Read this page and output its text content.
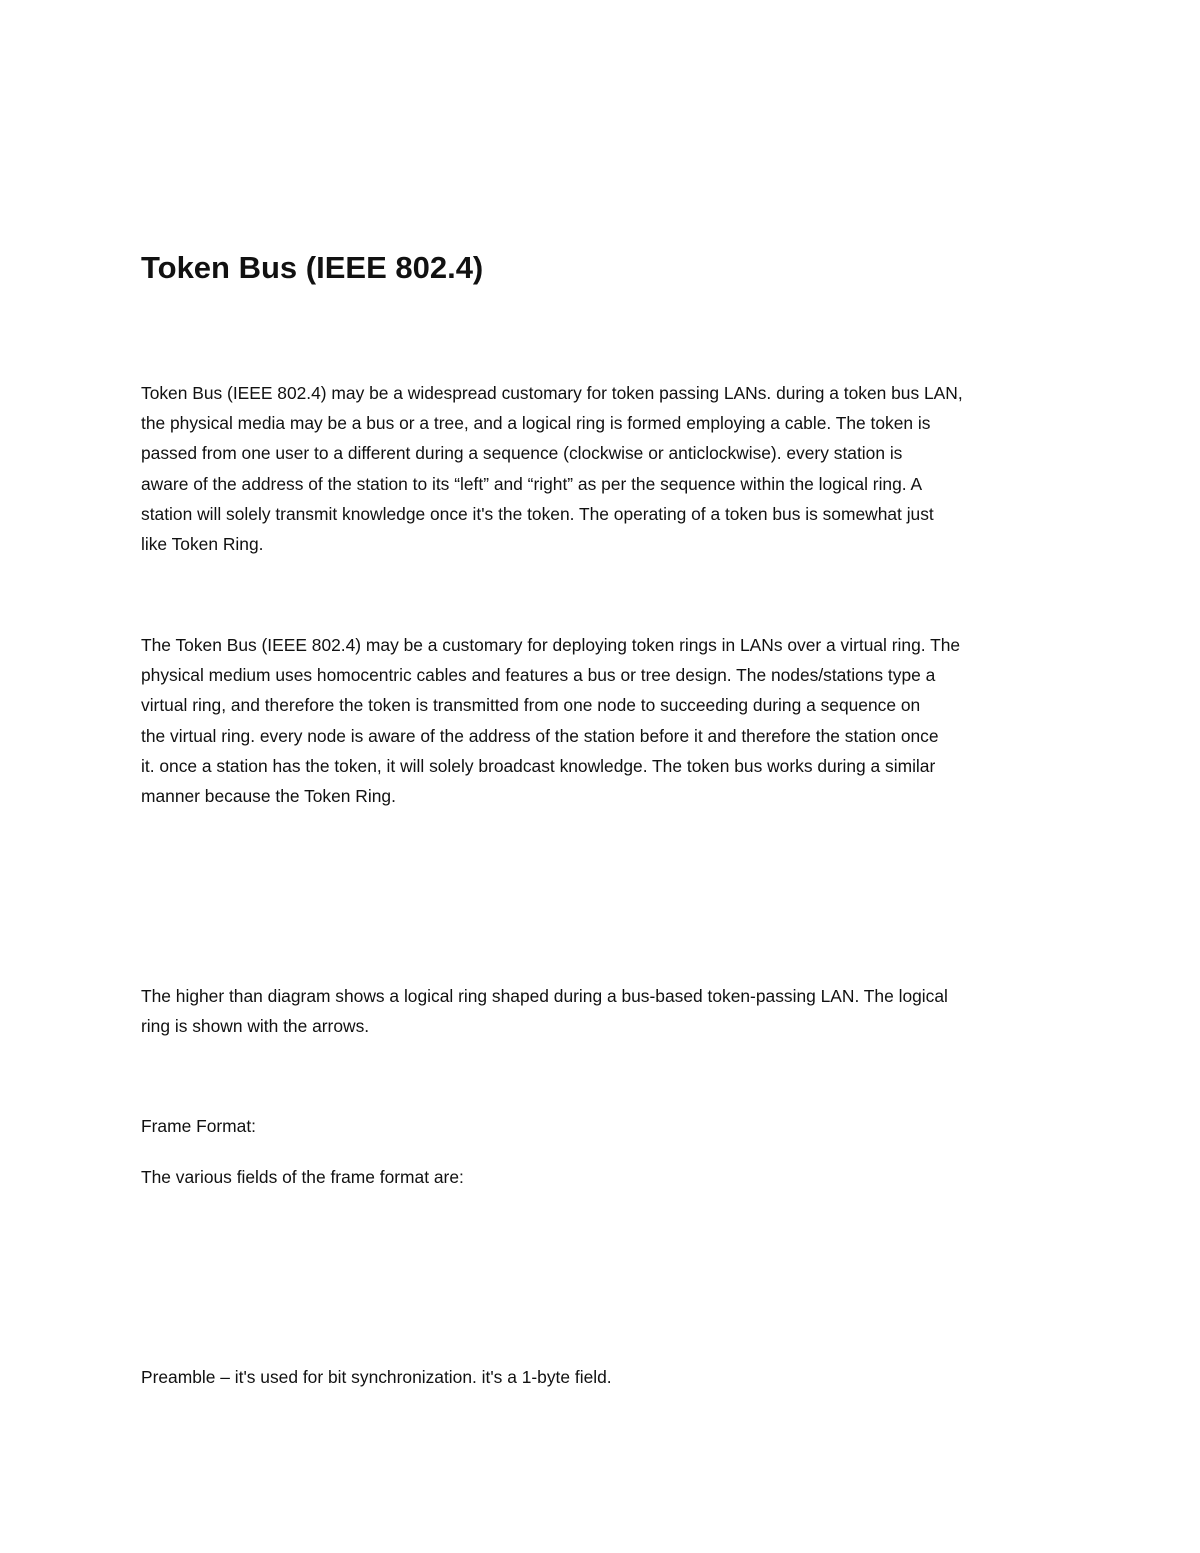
Token Bus (IEEE 802.4)

Token Bus (IEEE 802.4) may be a widespread customary for token passing LANs. during a token bus LAN,
the physical media may be a bus or a tree, and a logical ring is formed employing a cable. The token is
passed from one user to a different during a sequence (clockwise or anticlockwise). every station is
aware of the address of the station to its “left” and “right” as per the sequence within the logical ring. A
station will solely transmit knowledge once it's the token. The operating of a token bus is somewhat just
like Token Ring.

The Token Bus (IEEE 802.4) may be a customary for deploying token rings in LANs over a virtual ring. The
physical medium uses homocentric cables and features a bus or tree design. The nodes/stations type a
virtual ring, and therefore the token is transmitted from one node to succeeding during a sequence on
the virtual ring. every node is aware of the address of the station before it and therefore the station once
it. once a station has the token, it will solely broadcast knowledge. The token bus works during a similar
manner because the Token Ring.

The higher than diagram shows a logical ring shaped during a bus-based token-passing LAN. The logical
ring is shown with the arrows.

Frame Format:

The various fields of the frame format are:

Preamble – it's used for bit synchronization. it's a 1-byte field.
